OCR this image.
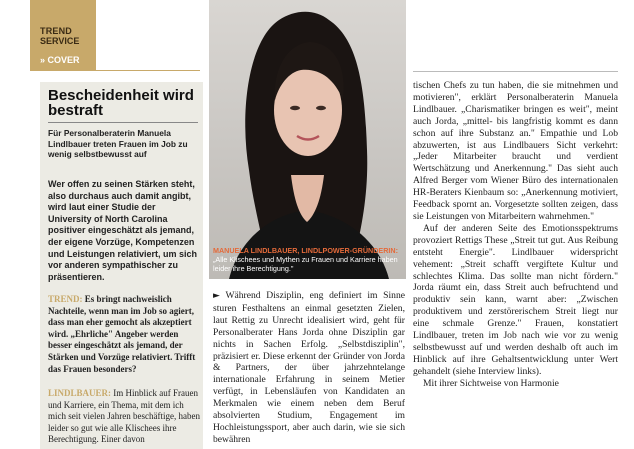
TREND
SERVICE
» COVER
Bescheidenheit wird bestraft
Für Personalberaterin Manuela Lindlbauer treten Frauen im Job zu wenig selbstbewusst auf
Wer offen zu seinen Stärken steht, also durchaus auch damit angibt, wird laut einer Studie der University of North Carolina positiver eingeschätzt als jemand, der eigene Vorzüge, Kompetenzen und Leistungen relativiert, um sich vor anderen sympathischer zu präsentieren.
TREND: Es bringt nachweislich Nachteile, wenn man im Job so agiert, dass man eher gemocht als akzeptiert wird. „Ehrliche" Angeber werden besser eingeschätzt als jemand, der Stärken und Vorzüge relativiert. Trifft das Frauen besonders?
LINDLBAUER: Im Hinblick auf Frauen und Karriere, ein Thema, mit dem ich mich seit vielen Jahren beschäftige, haben leider so gut wie alle Klischees ihre Berechtigung. Einer davon
MANUELA LINDLBAUER, LINDLPOWER-GRÜNDERIN: „Alle Klischees und Mythen zu Frauen und Karriere haben leider ihre Berechtigung."
► Während Disziplin, eng definiert im Sinne sturen Festhaltens an einmal gesetzten Zielen, laut Rettig zu Unrecht idealisiert wird, geht für Personalberater Hans Jorda ohne Disziplin gar nichts in Sachen Erfolg. „Selbstdisziplin", präzisiert er. Diese erkennt der Gründer von Jorda & Partners, der über jahrzehntelange internationale Erfahrung in seinem Metier verfügt, in Lebensläufen von Kandidaten an Merkmalen wie einem neben dem Beruf absolvierten Studium, Engagement im Hochleistungssport, aber auch darin, wie sie sich bewähren

tischen Chefs zu tun haben, die sie mitnehmen und motivieren", erklärt Personalberaterin Manuela Lindlbauer. „Charismatiker bringen es weit", meint auch Jorda, „mittel- bis langfristig kommt es dann schon auf ihre Substanz an." Empathie und Lob abzuwerten, ist aus Lindlbauers Sicht verkehrt: „Jeder Mitarbeiter braucht und verdient Wertschätzung und Anerkennung." Das sieht auch Alfred Berger vom Wiener Büro des internationalen HR-Beraters Kienbaum so: „Anerkennung motiviert, Feedback spornt an. Vorgesetzte sollten zeigen, dass sie Leistungen von Mitarbeitern wahrnehmen."

Auf der anderen Seite des Emotionsspektrums provoziert Rettigs These „Streit tut gut. Aus Reibung entsteht Energie". Lindlbauer widerspricht vehement: „Streit schafft vergiftete Kultur und schlechtes Klima. Das sollte man nicht fördern." Jorda räumt ein, dass Streit auch befruchtend und produktiv sein kann, warnt aber: „Zwischen produktivem und zerstörerischem Streit liegt nur eine schmale Grenze." Frauen, konstatiert Lindlbauer, treten im Job nach wie vor zu wenig selbstbewusst auf und werden deshalb oft auch im Hinblick auf ihre Gehaltsentwicklung unter Wert gehandelt (siehe Interview links).

Mit ihrer Sichtweise von Harmonie
